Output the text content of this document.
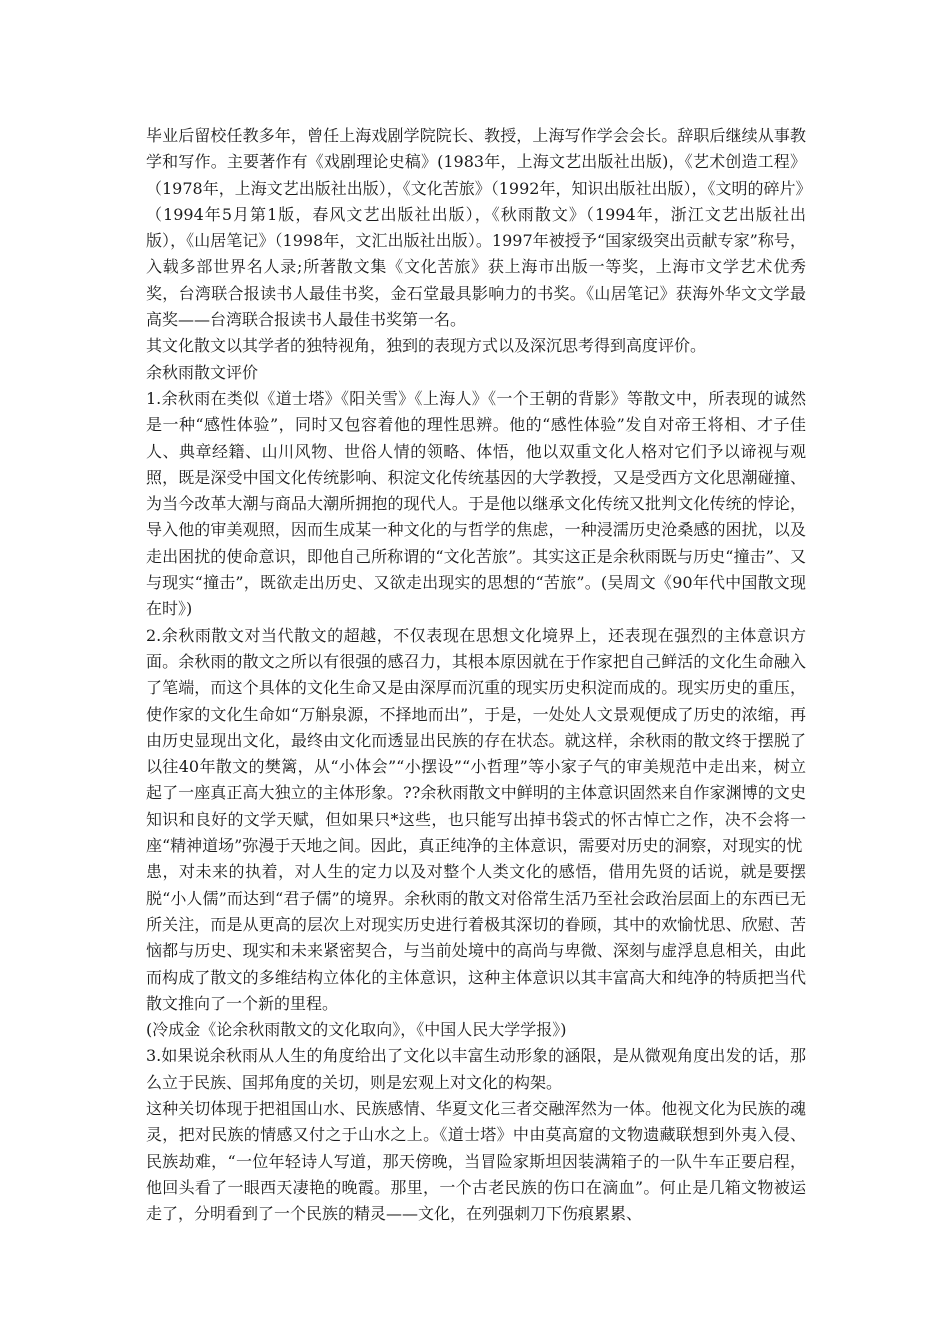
毕业后留校任教多年，曾任上海戏剧学院院长、教授，上海写作学会会长。辞职后继续从事教学和写作。主要著作有《戏剧理论史稿》(1983年，上海文艺出版社出版)，《艺术创造工程》（1978年，上海文艺出版社出版），《文化苦旅》（1992年，知识出版社出版），《文明的碎片》

（1994年5月第1版，春风文艺出版社出版），《秋雨散文》（1994年，浙江文艺出版社出版），《山居笔记》（1998年，文汇出版社出版）。1997年被授予“国家级突出贡献专家”称号，入载多部世界名人录;所著散文集《文化苦旅》获上海市出版一等奖，上海市文学艺术优秀奖，台湾联合报读书人最佳书奖，金石堂最具影响力的书奖。《山居笔记》获海外华文文学最高奖——台湾联合报读书人最佳书奖第一名。

其文化散文以其学者的独特视角，独到的表现方式以及深沉思考得到高度评价。

余秋雨散文评价

1.余秋雨在类似《道士塔》《阳关雪》《上海人》《一个王朝的背影》等散文中，所表现的诚然是一种“感性体验”，同时又包容着他的理性思辨。他的“感性体验”发自对帝王将相、才子佳人、典章经籍、山川风物、世俗人情的领略、体悟，他以双重文化人格对它们予以谛视与观照，既是深受中国文化传统影响、积淀文化传统基因的大学教授，又是受西方文化思潮碰撞、为当今改革大潮与商品大潮所拥抱的现代人。于是他以继承文化传统又批判文化传统的悖论，导入他的审美观照，因而生成某一种文化的与哲学的焦虑，一种浸濡历史沧桑感的困扰，以及走出困扰的使命意识，即他自己所称谓的“文化苦旅”。其实这正是余秋雨既与历史“撞击”、又与现实“撞击”，既欲走出历史、又欲走出现实的思想的“苦旅”。(吴周文《90年代中国散文现在时》)

2.余秋雨散文对当代散文的超越，不仅表现在思想文化境界上，还表现在强烈的主体意识方面。余秋雨的散文之所以有很强的感召力，其根本原因就在于作家把自己鲜活的文化生命融入了笔端，而这个具体的文化生命又是由深厚而沉重的现实历史积淀而成的。现实历史的重压，使作家的文化生命如“万斛泉源，不择地而出”，于是，一处处人文景观便成了历史的浓缩，再由历史显现出文化，最终由文化而透显出民族的存在状态。就这样，余秋雨的散文终于摆脱了以往40年散文的樊篱，从“小体会”“小摆设”“小哲理”等小家子气的审美规范中走出来，树立起了一座真正高大独立的主体形象。??余秋雨散文中鲜明的主体意识固然来自作家渊博的文史知识和良好的文学天赋，但如果只*这些，也只能写出掉书袋式的怀古悼亡之作，决不会将一座“精神道场”弥漫于天地之间。因此，真正纯净的主体意识，需要对历史的洞察，对现实的忧

患，对未来的执着，对人生的定力以及对整个人类文化的感悟，借用先贤的话说，就是要摆脱“小人儒”而达到“君子儒”的境界。余秋雨的散文对俗常生活乃至社会政治层面上的东西已无所关注，而是从更高的层次上对现实历史进行着极其深切的眷顾，其中的欢愉忧思、欣慰、苦恼都与历史、现实和未来紧密契合，与当前处境中的高尚与卑微、深刻与虚浮息息相关，由此而构成了散文的多维结构立体化的主体意识，这种主体意识以其丰富高大和纯净的特质把当代散文推向了一个新的里程。

(冷成金《论余秋雨散文的文化取向》，《中国人民大学学报》)

3.如果说余秋雨从人生的角度给出了文化以丰富生动形象的涵限，是从微观角度出发的话，那么立于民族、国邦角度的关切，则是宏观上对文化的构架。

这种关切体现于把祖国山水、民族感情、华夏文化三者交融浑然为一体。他视文化为民族的魂灵，把对民族的情感又付之于山水之上。《道士塔》中由莫高窟的文物遗藏联想到外夷入侵、民族劫难，“一位年轻诗人写道，那天傍晚，当冒险家斯坦因装满箱子的一队牛车正要启程，他回头看了一眼西天凄艳的晚霞。那里，一个古老民族的伤口在滴血”。何止是几箱文物被运走了，分明看到了一个民族的精灵——文化，在列强刺刀下伤痕累累、
